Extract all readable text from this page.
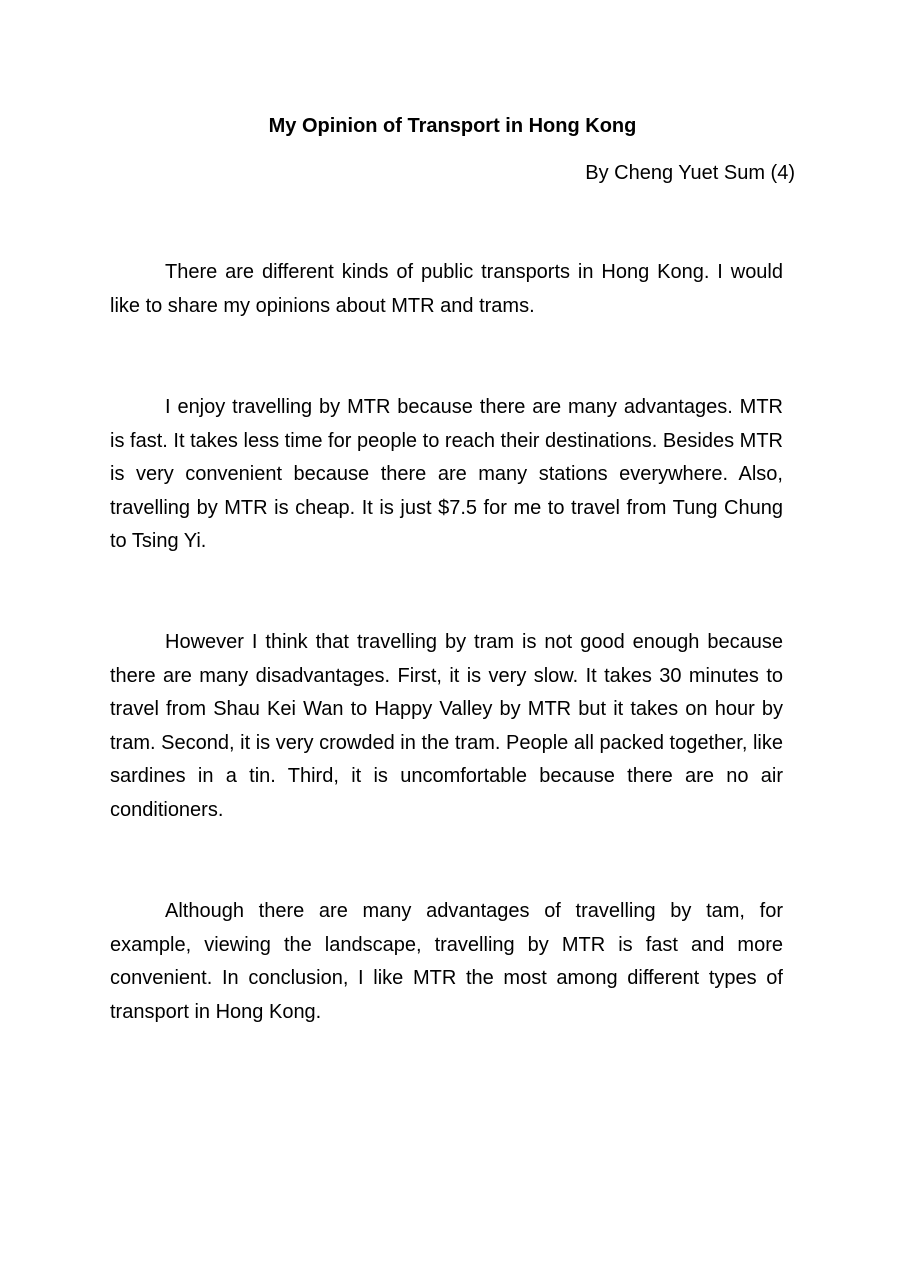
My Opinion of Transport in Hong Kong

By Cheng Yuet Sum (4)

There are different kinds of public transports in Hong Kong. I would like to share my opinions about MTR and trams.

I enjoy travelling by MTR because there are many advantages. MTR is fast. It takes less time for people to reach their destinations. Besides MTR is very convenient because there are many stations everywhere. Also, travelling by MTR is cheap. It is just $7.5 for me to travel from Tung Chung to Tsing Yi.

However I think that travelling by tram is not good enough because there are many disadvantages. First, it is very slow. It takes 30 minutes to travel from Shau Kei Wan to Happy Valley by MTR but it takes on hour by tram. Second, it is very crowded in the tram. People all packed together, like sardines in a tin. Third, it is uncomfortable because there are no air conditioners.

Although there are many advantages of travelling by tam, for example, viewing the landscape, travelling by MTR is fast and more convenient. In conclusion, I like MTR the most among different types of transport in Hong Kong.
